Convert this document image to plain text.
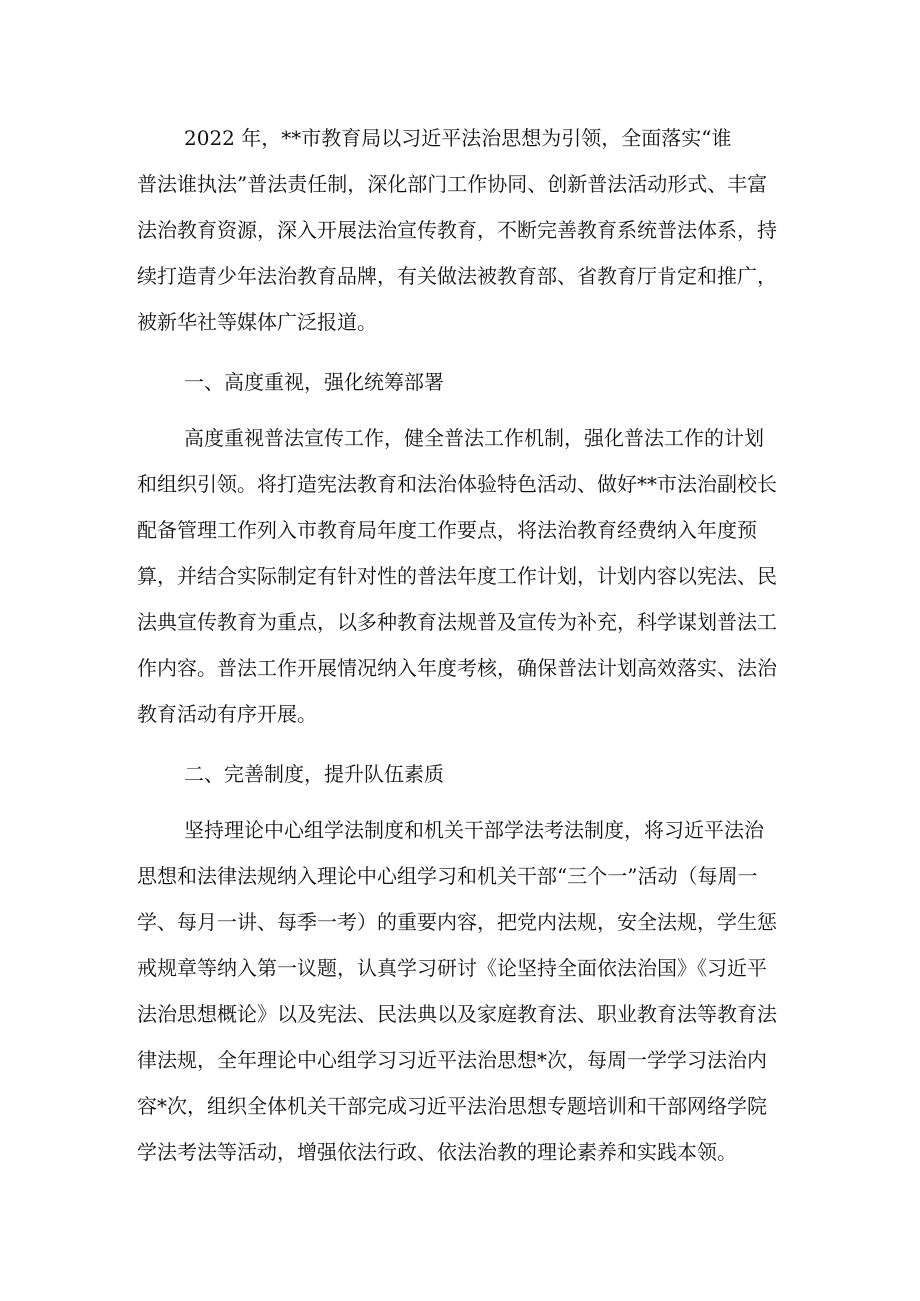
2022 年，**市教育局以习近平法治思想为引领，全面落实“谁
普法谁执法”普法责任制，深化部门工作协同、创新普法活动形式、丰富
法治教育资源，深入开展法治宣传教育，不断完善教育系统普法体系，持
续打造青少年法治教育品牌，有关做法被教育部、省教育厅肯定和推广，
被新华社等媒体广泛报道。
一、高度重视，强化统筹部署
高度重视普法宣传工作，健全普法工作机制，强化普法工作的计划
和组织引领。将打造宪法教育和法治体验特色活动、做好**市法治副校长
配备管理工作列入市教育局年度工作要点，将法治教育经费纳入年度预
算，并结合实际制定有针对性的普法年度工作计划，计划内容以宪法、民
法典宣传教育为重点，以多种教育法规普及宣传为补充，科学谋划普法工
作内容。普法工作开展情况纳入年度考核，确保普法计划高效落实、法治
教育活动有序开展。
二、完善制度，提升队伍素质
坚持理论中心组学法制度和机关干部学法考法制度，将习近平法治
思想和法律法规纳入理论中心组学习和机关干部“三个一”活动（每周一
学、每月一讲、每季一考）的重要内容，把党内法规，安全法规，学生惩
戒规章等纳入第一议题，认真学习研讨《论坚持全面依法治国》《习近平
法治思想概论》以及宪法、民法典以及家庭教育法、职业教育法等教育法
律法规，全年理论中心组学习习近平法治思想*次，每周一学学习法治内
容*次，组织全体机关干部完成习近平法治思想专题培训和干部网络学院
学法考法等活动，增强依法行政、依法治教的理论素养和实践本领。
